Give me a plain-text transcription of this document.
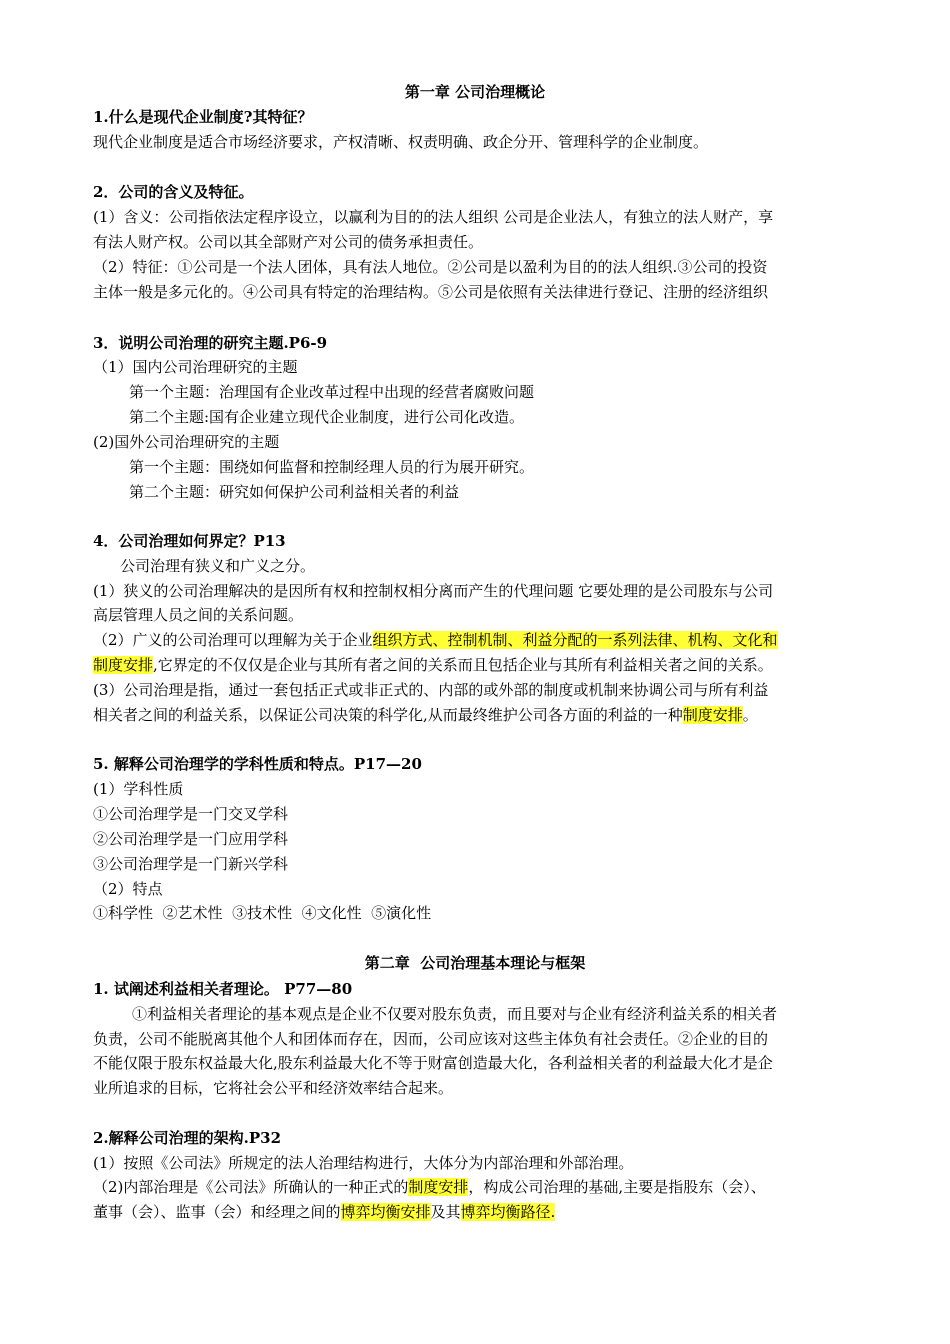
第一章 公司治理概论
1.什么是现代企业制度?其特征？
现代企业制度是适合市场经济要求，产权清晰、权责明确、政企分开、管理科学的企业制度。
2．公司的含义及特征。
(1）含义：公司指依法定程序设立，以赢利为目的的法人组织 公司是企业法人，有独立的法人财产，享
有法人财产权。公司以其全部财产对公司的债务承担责任。
（2）特征：①公司是一个法人团体，具有法人地位。②公司是以盈利为目的的法人组织.③公司的投资
主体一般是多元化的。④公司具有特定的治理结构。⑤公司是依照有关法律进行登记、注册的经济组织
3．说明公司治理的研究主题.P6-9
（1）国内公司治理研究的主题
第一个主题：治理国有企业改革过程中出现的经营者腐败问题
第二个主题:国有企业建立现代企业制度，进行公司化改造。
(2)国外公司治理研究的主题
第一个主题：围绕如何监督和控制经理人员的行为展开研究。
第二个主题：研究如何保护公司利益相关者的利益
4．公司治理如何界定？P13
公司治理有狭义和广义之分。
(1）狭义的公司治理解决的是因所有权和控制权相分离而产生的代理问题 它要处理的是公司股东与公司
高层管理人员之间的关系问题。
（2）广义的公司治理可以理解为关于企业组织方式、控制机制、利益分配的一系列法律、机构、文化和
制度安排,它界定的不仅仅是企业与其所有者之间的关系而且包括企业与其所有利益相关者之间的关系。
(3）公司治理是指，通过一套包括正式或非正式的、内部的或外部的制度或机制来协调公司与所有利益
相关者之间的利益关系，以保证公司决策的科学化,从而最终维护公司各方面的利益的一种制度安排。
5. 解释公司治理学的学科性质和特点。P17—20
(1）学科性质
①公司治理学是一门交叉学科
②公司治理学是一门应用学科
③公司治理学是一门新兴学科
（2）特点
①科学性  ②艺术性  ③技术性  ④文化性  ⑤演化性
第二章  公司治理基本理论与框架
1. 试阐述利益相关者理论。 P77—80
①利益相关者理论的基本观点是企业不仅要对股东负责，而且要对与企业有经济利益关系的相关者
负责，公司不能脱离其他个人和团体而存在，因而，公司应该对这些主体负有社会责任。②企业的目的
不能仅限于股东权益最大化,股东利益最大化不等于财富创造最大化，各利益相关者的利益最大化才是企
业所追求的目标，它将社会公平和经济效率结合起来。
2.解释公司治理的架构.P32
(1）按照《公司法》所规定的法人治理结构进行，大体分为内部治理和外部治理。
（2)内部治理是《公司法》所确认的一种正式的制度安排，构成公司治理的基础,主要是指股东（会）、
董事（会）、监事（会）和经理之间的博弈均衡安排及其博弈均衡路径.
